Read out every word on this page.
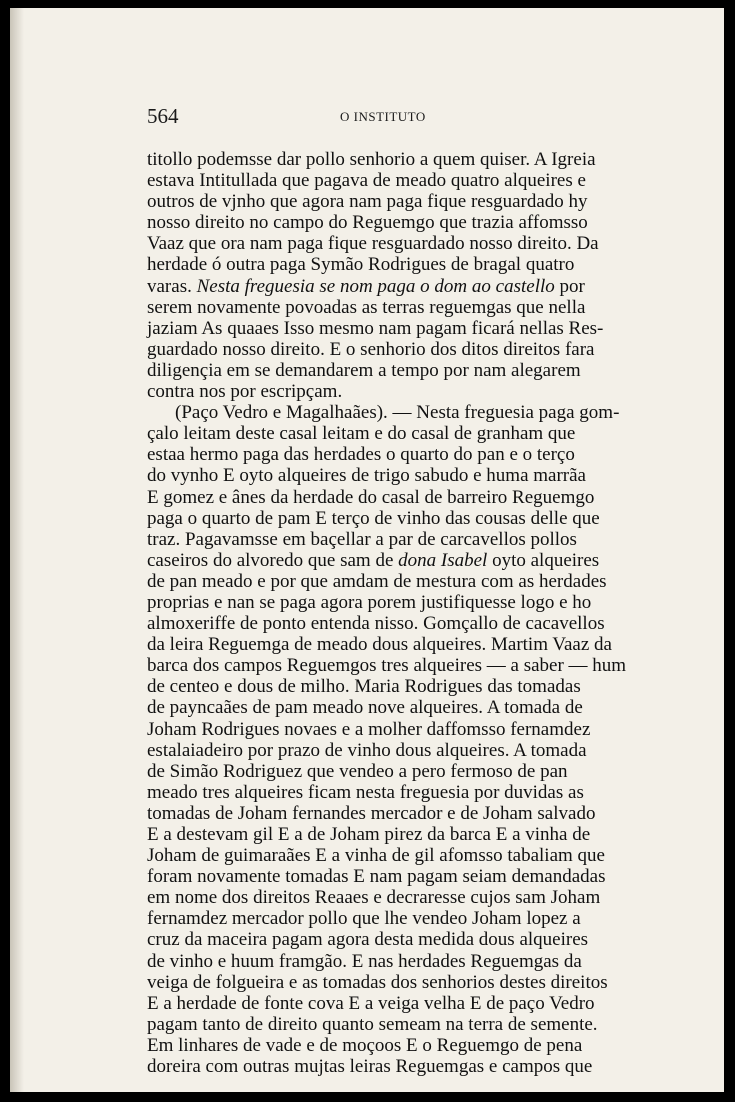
564	O INSTITUTO
titollo podemsse dar pollo senhorio a quem quiser. A Igreia
estava Intitullada que pagava de meado quatro alqueires e
outros de vjnho que agora nam paga fique resguardado hy
nosso direito no campo do Reguemgo que trazia affomsso
Vaaz que ora nam paga fique resguardado nosso direito. Da
herdade ó outra paga Symão Rodrigues de bragal quatro
varas. Nesta freguesia se nom paga o dom ao castello por
serem novamente povoadas as terras reguemgas que nella
jaziam As quaaes Isso mesmo nam pagam ficará nellas Res-
guardado nosso direito. E o senhorio dos ditos direitos fara
diligençia em se demandarem a tempo por nam alegarem
contra nos por escripçam.
(Paço Vedro e Magalhaães). — Nesta freguesia paga gom-
çalo leitam deste casal leitam e do casal de granham que
estaa hermo paga das herdades o quarto do pan e o terço
do vynho E oyto alqueires de trigo sabudo e huma marrãa
E gomez e ânes da herdade do casal de barreiro Reguemgo
paga o quarto de pam E terço de vinho das cousas delle que
traz. Pagavamsse em baçellar a par de carcavellos pollos
caseiros do alvoredo que sam de dona Isabel oyto alqueires
de pan meado e por que amdam de mestura com as herdades
proprias e nan se paga agora porem justifiquesse logo e ho
almoxeriffe de ponto entenda nisso. Gomçallo de cacavellos
da leira Reguemga de meado dous alqueires. Martim Vaaz da
barca dos campos Reguemgos tres alqueires — a saber — hum
de centeo e dous de milho. Maria Rodrigues das tomadas
de payncaães de pam meado nove alqueires. A tomada de
Joham Rodrigues novaes e a molher daffomsso fernamdez
estalaiadeiro por prazo de vinho dous alqueires. A tomada
de Simão Rodriguez que vendeo a pero fermoso de pan
meado tres alqueires ficam nesta freguesia por duvidas as
tomadas de Joham fernandes mercador e de Joham salvado
E a destevam gil E a de Joham pirez da barca E a vinha de
Joham de guimaraães E a vinha de gil afomsso tabaliam que
foram novamente tomadas E nam pagam seiam demandadas
em nome dos direitos Reaaes e decraresse cujos sam Joham
fernamdez mercador pollo que lhe vendeo Joham lopez a
cruz da maceira pagam agora desta medida dous alqueires
de vinho e huum framgão. E nas herdades Reguemgas da
veiga de folgueira e as tomadas dos senhorios destes direitos
E a herdade de fonte cova E a veiga velha E de paço Vedro
pagam tanto de direito quanto semeam na terra de semente.
Em linhares de vade e de moçoos E o Reguemgo de pena
doreira com outras mujtas leiras Reguemgas e campos que
